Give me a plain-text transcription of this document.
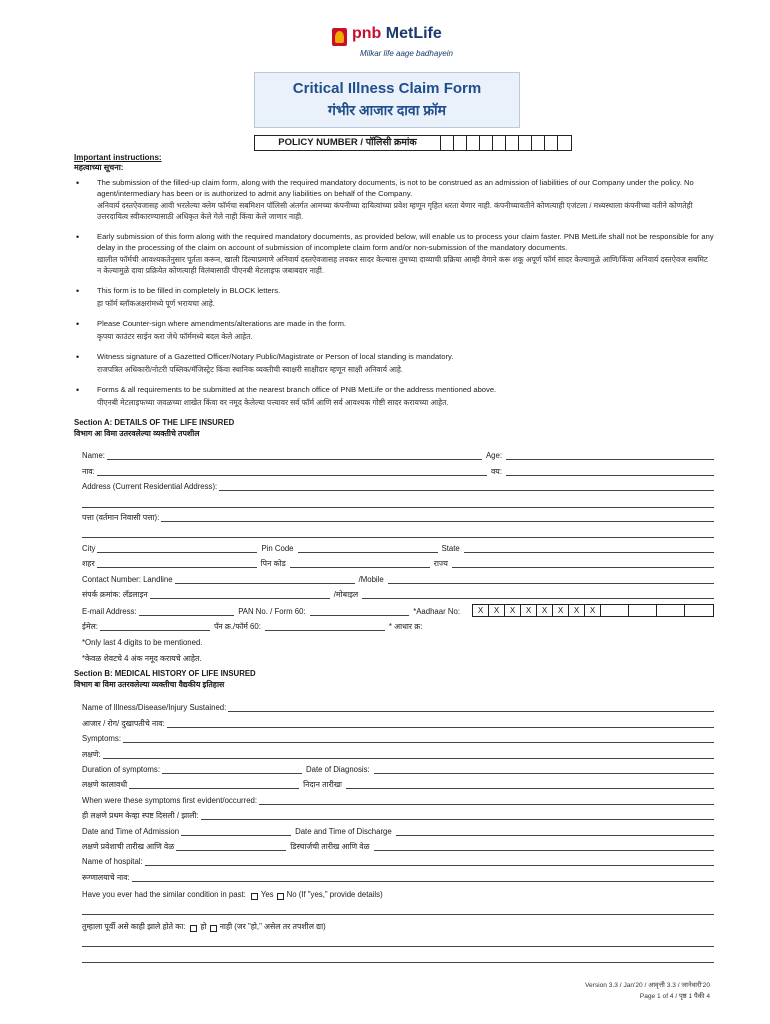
pnb MetLife
Milkar life aage badhayein
Critical Illness Claim Form
गंभीर आजार दावा फ्रॉम
POLICY NUMBER / पॉलिसी क्रमांक
Important instructions:
महत्वाच्या सूचना:
• The submission of the filled-up claim form, along with the required mandatory documents, is not to be construed as an admission of liabilities of our Company under the policy. No agent/intermediary has been or is authorized to admit any liabilities on behalf of the Company.
अनिवार्य दस्तऐवजासह आवी भरलेल्या क्लेम फॉर्मचा सबमिशन पॉलिसी अंतर्गत आमच्या कंपनीच्या दायित्वांच्या प्रवेश म्हणून गृहित धरता येणार नाही. कंपनीच्यावतीने कोणत्याही एजंटला / मध्यस्थाला कंपनीच्या वतीने कोणतेही उत्तरदायित्व स्वीकारण्यासाठी अधिकृत केले गेले नाही किंवा केले जाणार नाही.
• Early submission of this form along with the required mandatory documents, as provided below, will enable us to process your claim faster. PNB MetLife shall not be responsible for any delay in the processing of the claim on account of submission of incomplete claim form and/or non-submission of the mandatory documents.
खालील फॉर्मची आवश्यकतेनुसार पूर्तता करून, खाली दिल्याप्रमाणे अनिवार्य दस्तऐवजासह लवकर सादर केल्यास तुमच्या दाव्याची प्रक्रिया आम्ही वेगाने करू शकू अपूर्ण फॉर्म सादर केल्यामुळे आणि/किंवा अनिवार्य दस्तऐवज सबमिट न केल्यामुळे दावा प्रक्रियेत कोणत्याही विलंबासाठी पीएनबी मेटलाइफ जबाबदार नाही.
• This form is to be filled in completely in BLOCK letters.
हा फॉर्म ब्लॉकअक्षरांमध्ये पूर्ण भरायचा आहे.
• Please Counter-sign where amendments/alterations are made in the form.
कृपया काउंटर साईन करा जेथे फॉर्ममध्ये बदल केले आहेत.
• Witness signature of a Gazetted Officer/Notary Public/Magistrate or Person of local standing is mandatory.
राजपत्रित अधिकारी/नोटरी पब्लिक/मॅजिस्ट्रेट किंवा स्थानिक व्यक्तीची स्वाक्षरी साक्षीदार म्हणून साक्षी अनिवार्य आहे.
• Forms & all requirements to be submitted at the nearest branch office of PNB MetLife or the address mentioned above.
पीएनबी मेटलाइफच्या जवळच्या शाखेत किंवा वर नमूद केलेल्या पत्त्यावर सर्व फॉर्म आणि सर्व आवश्यक गोष्टी सादर करायच्या आहेत.
Section A: DETAILS OF THE LIFE INSURED
विभाग अः विमा उतरवलेल्या व्यक्तीचे तपशील
Name:	Age:
नाव:	वय:
Address (Current Residential Address):
पत्ता (वर्तमान निवासी पत्ता):
City	Pin Code	State
शहर	पिन कोड	राज्य
Contact Number: Landline	/Mobile
संपर्क क्रमांक: लँडलाइन	/मोबाइल
E-mail Address:	PAN No. / Form 60:	*Aadhaar No:	X	X	X	X	X	X	X	X
ईमेल:	पॅन क्र./फॉर्म 60:	* आधार क्र:
*Only last 4 digits to be mentioned.
*केवळ शेवटचे 4 अंक नमूद करायचे आहेत.
Section B: MEDICAL HISTORY OF LIFE INSURED
विभाग बः विमा उतरवलेल्या व्यक्तीचा वैद्यकीय इतिहास
Name of Illness/Disease/Injury Sustained:
आजार / रोग/ दुखापतीचे नाव:
Symptoms:
लक्षणे:
Duration of symptoms:	Date of Diagnosis:
लक्षणे कालावधी	निदान तारीखः
When were these symptoms first evident/occurred:
ही लक्षणे प्रथम केव्हा स्पष्ट दिसली / झाली:
Date and Time of Admission	Date and Time of Discharge
लक्षणे प्रवेशाची तारीख आणि वेळ	डिस्चार्जची तारीख आणि वेळ
Name of hospital:
रूग्णालयाचे नाव:
Have you ever had the similar condition in past: Yes No (If "yes," provide details)
तुम्हाला पूर्वी असे काही झाले होते का: हो नाही (जर "हो," असेल तर तपशील द्या)
Version 3.3 / Jan'20 / आवृत्ती 3.3 / जानेवारी'20
Page 1 of 4 / पृष्ठ 1 पैकी 4
